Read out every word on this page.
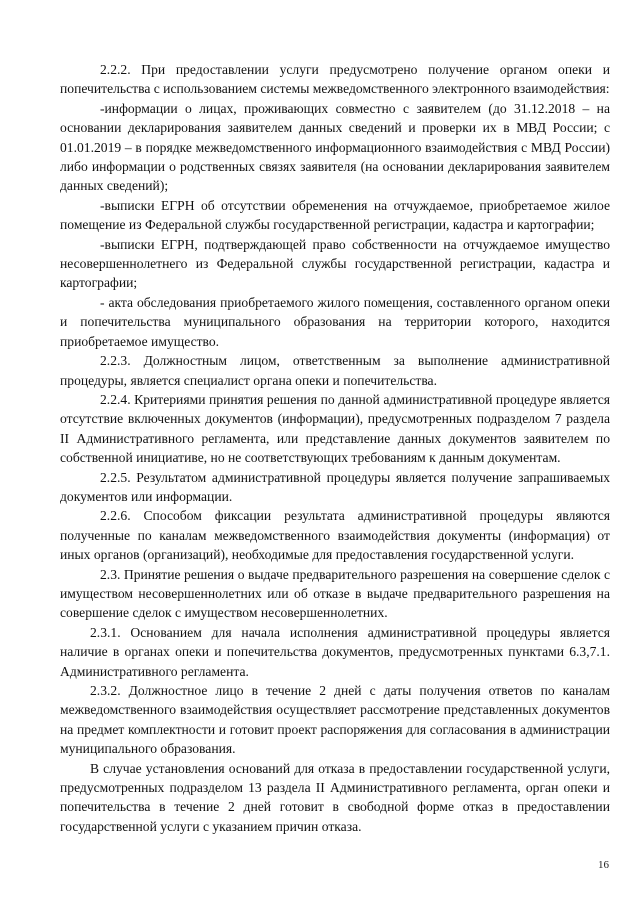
2.2.2. При предоставлении услуги предусмотрено получение органом опеки и попечительства с использованием системы межведомственного электронного взаимодействия:

-информации о лицах, проживающих совместно с заявителем (до 31.12.2018 – на основании декларирования заявителем данных сведений и проверки их в МВД России; с 01.01.2019 – в порядке межведомственного информационного взаимодействия с МВД России) либо информации о родственных связях заявителя (на основании декларирования заявителем данных сведений);

-выписки ЕГРН об отсутствии обременения на отчуждаемое, приобретаемое жилое помещение из Федеральной службы государственной регистрации, кадастра и картографии;

-выписки ЕГРН, подтверждающей право собственности на отчуждаемое имущество несовершеннолетнего из Федеральной службы государственной регистрации, кадастра и картографии;

- акта обследования приобретаемого жилого помещения, составленного органом опеки и попечительства муниципального образования на территории которого, находится приобретаемое имущество.

2.2.3. Должностным лицом, ответственным за выполнение административной процедуры, является специалист органа опеки и попечительства.

2.2.4. Критериями принятия решения по данной административной процедуре является отсутствие включенных документов (информации), предусмотренных подразделом 7 раздела II Административного регламента, или представление данных документов заявителем по собственной инициативе, но не соответствующих требованиям к данным документам.

2.2.5. Результатом административной процедуры является получение запрашиваемых документов или информации.

2.2.6. Способом фиксации результата административной процедуры являются полученные по каналам межведомственного взаимодействия документы (информация) от иных органов (организаций), необходимые для предоставления государственной услуги.

2.3. Принятие решения о выдаче предварительного разрешения на совершение сделок с имуществом несовершеннолетних или об отказе в выдаче предварительного разрешения на совершение сделок с имуществом несовершеннолетних.

2.3.1. Основанием для начала исполнения административной процедуры является наличие в органах опеки и попечительства документов, предусмотренных пунктами 6.3,7.1. Административного регламента.

2.3.2. Должностное лицо в течение 2 дней с даты получения ответов по каналам межведомственного взаимодействия осуществляет рассмотрение представленных документов на предмет комплектности и готовит проект распоряжения для согласования в администрации муниципального образования.

В случае установления оснований для отказа в предоставлении государственной услуги, предусмотренных подразделом 13 раздела II Административного регламента, орган опеки и попечительства в течение 2 дней готовит в свободной форме отказ в предоставлении государственной услуги с указанием причин отказа.

16
